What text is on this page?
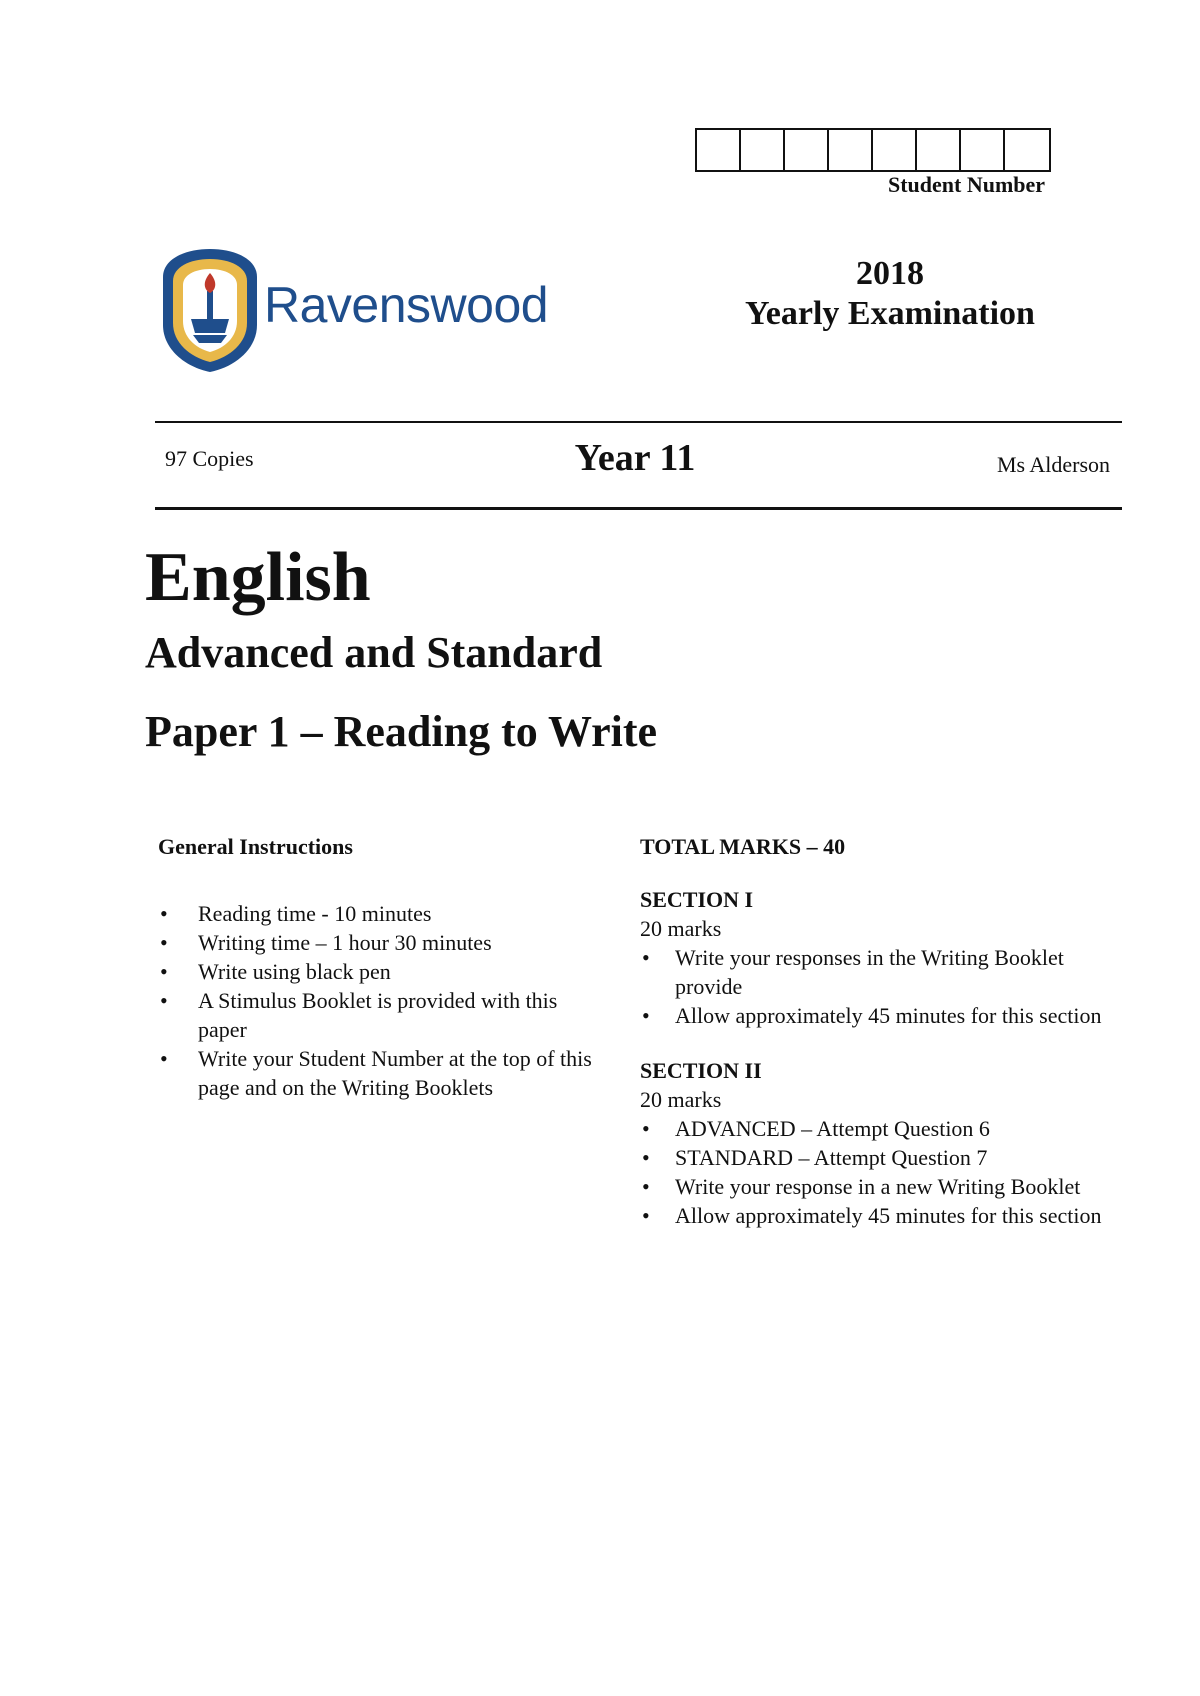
Student Number
Ravenswood
2018
Yearly Examination
97 Copies	Year 11	Ms Alderson
English
Advanced and Standard
Paper 1 – Reading to Write
General Instructions
• Reading time - 10 minutes
• Writing time – 1 hour 30 minutes
• Write using black pen
• A Stimulus Booklet is provided with this paper
• Write your Student Number at the top of this page and on the Writing Booklets
TOTAL MARKS – 40
SECTION I
20 marks
• Write your responses in the Writing Booklet provide
• Allow approximately 45 minutes for this section
SECTION II
20 marks
• ADVANCED – Attempt Question 6
• STANDARD – Attempt Question 7
• Write your response in a new Writing Booklet
• Allow approximately 45 minutes for this section
